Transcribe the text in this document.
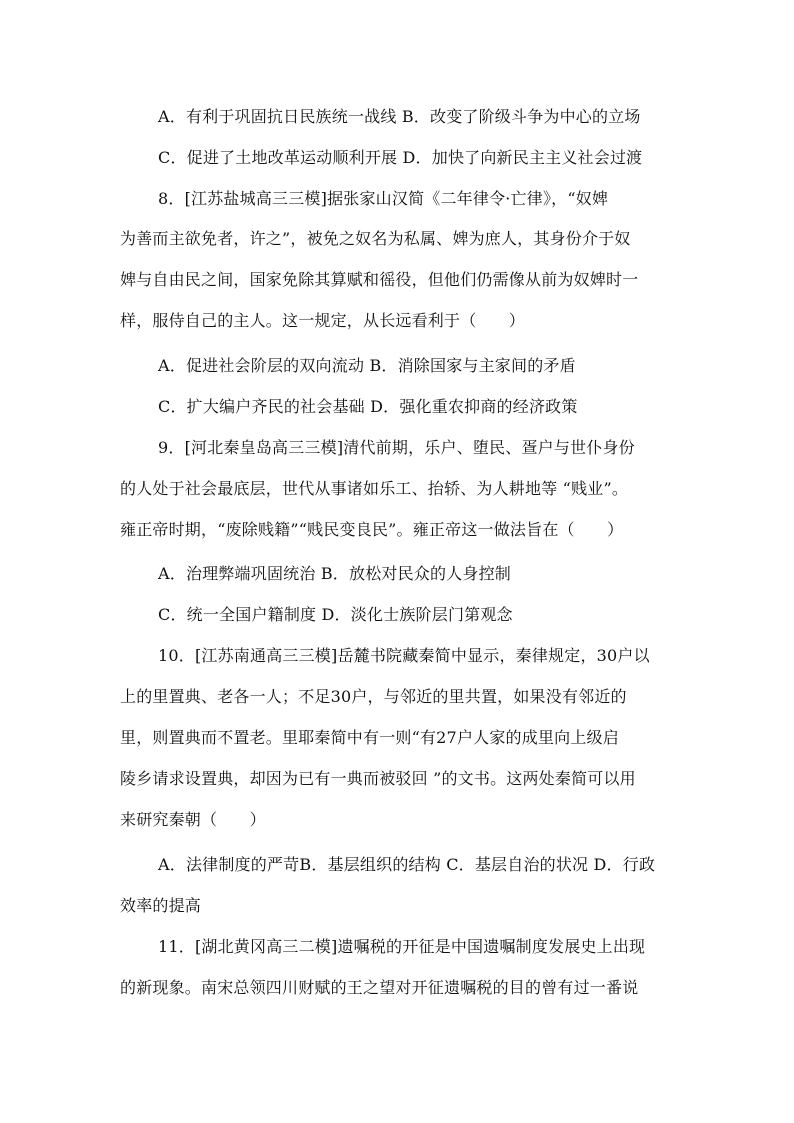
A．有利于巩固抗日民族统一战线 B．改变了阶级斗争为中心的立场
C．促进了土地改革运动顺利开展 D．加快了向新民主主义社会过渡
8．[江苏盐城高三三模]据张家山汉简《二年律令·亡律》，“奴婢
为善而主欲免者，许之”，被免之奴名为私属、婢为庶人，其身份介于奴
婢与自由民之间，国家免除其算赋和徭役，但他们仍需像从前为奴婢时一
样，服侍自己的主人。这一规定，从长远看利于（　　）
A．促进社会阶层的双向流动 B．消除国家与主家间的矛盾
C．扩大编户齐民的社会基础 D．强化重农抑商的经济政策
9．[河北秦皇岛高三三模]清代前期，乐户、堕民、疍户与世仆身份
的人处于社会最底层，世代从事诸如乐工、抬轿、为人耕地等 “贱业”。
雍正帝时期，“废除贱籍”“贱民变良民”。雍正帝这一做法旨在（　　）
A．治理弊端巩固统治 B．放松对民众的人身控制
C．统一全国户籍制度 D．淡化士族阶层门第观念
10．[江苏南通高三三模]岳麓书院藏秦简中显示，秦律规定，30户以
上的里置典、老各一人；不足30户，与邻近的里共置，如果没有邻近的
里，则置典而不置老。里耶秦简中有一则“有27户人家的成里向上级启
陵乡请求设置典，却因为已有一典而被驳回 ”的文书。这两处秦简可以用
来研究秦朝（　　）
A．法律制度的严苛B．基层组织的结构 C．基层自治的状况 D．行政
效率的提高
11．[湖北黄冈高三二模]遗嘱税的开征是中国遗嘱制度发展史上出现
的新现象。南宋总领四川财赋的王之望对开征遗嘱税的目的曾有过一番说
